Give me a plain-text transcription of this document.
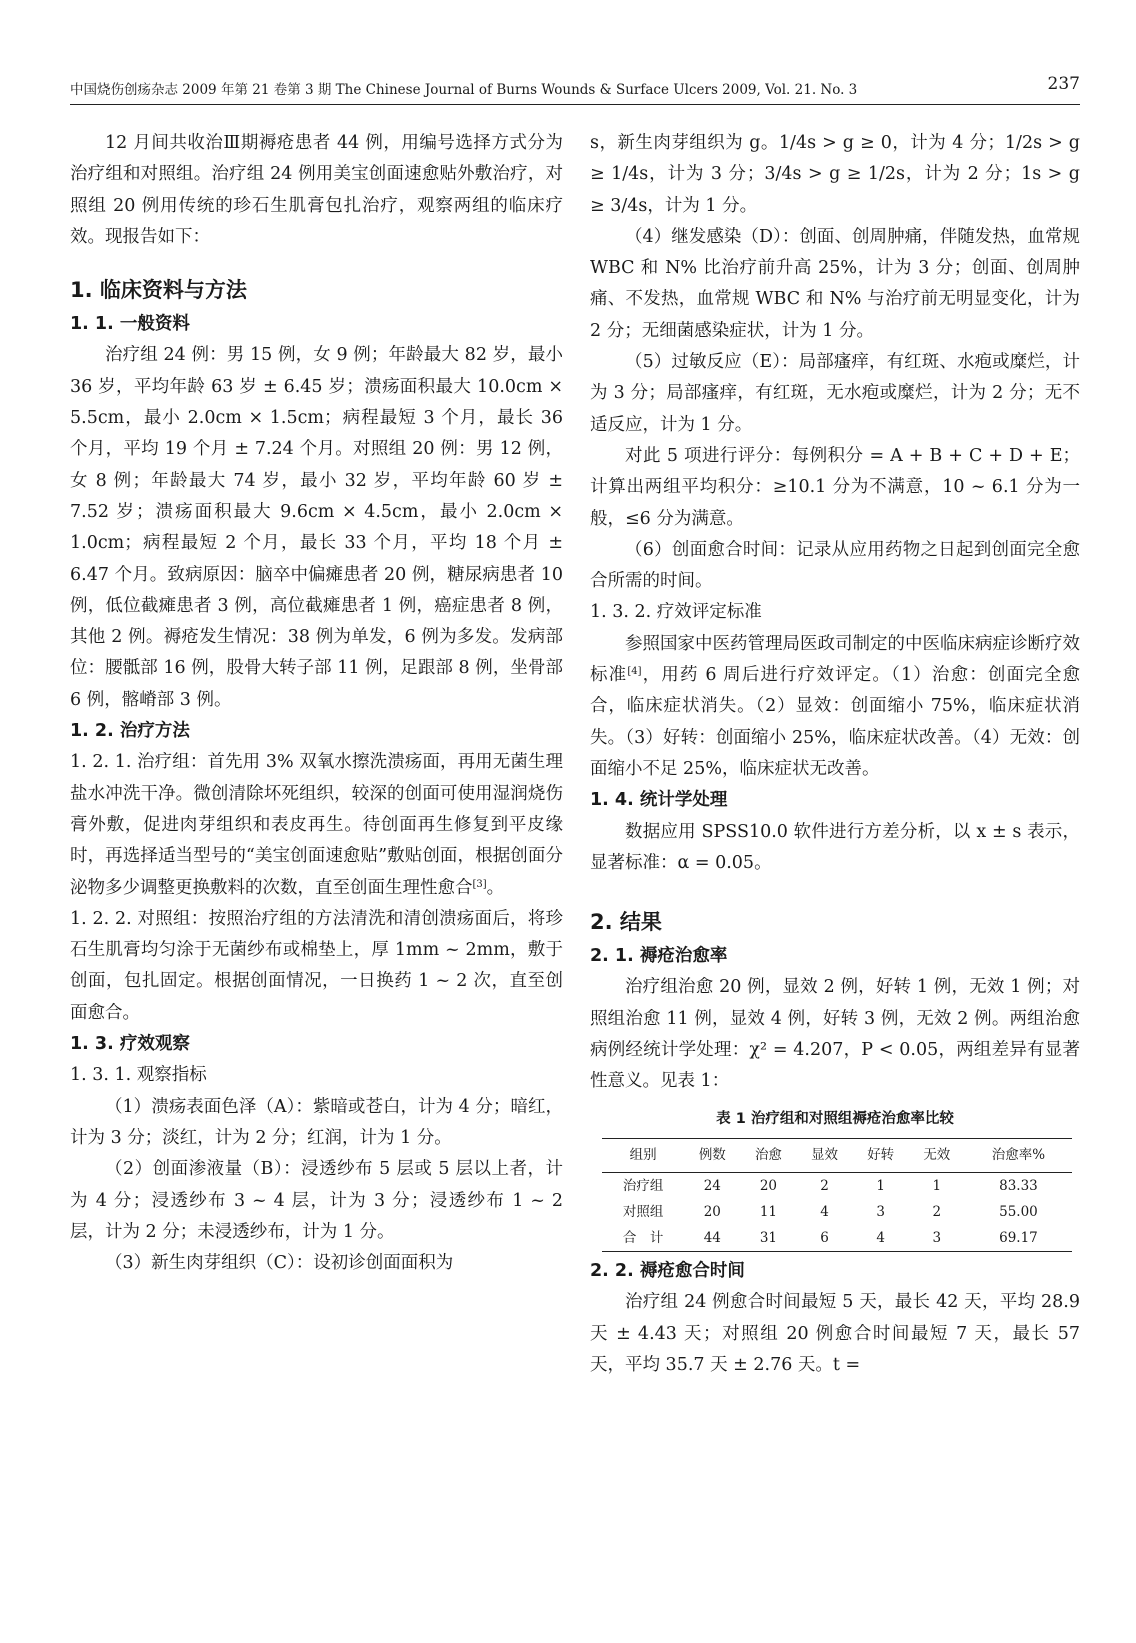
中国烧伤创疡杂志 2009 年第 21 卷第 3 期 The Chinese Journal of Burns Wounds & Surface Ulcers 2009, Vol. 21. No. 3	237

12 月间共收治Ⅲ期褥疮患者 44 例，用编号选择方式分为治疗组和对照组。治疗组 24 例用美宝创面速愈贴外敷治疗，对照组 20 例用传统的珍石生肌膏包扎治疗，观察两组的临床疗效。现报告如下：

1. 临床资料与方法
1. 1. 一般资料

治疗组 24 例：男 15 例，女 9 例；年龄最大 82 岁，最小 36 岁，平均年龄 63 岁 ± 6.45 岁；溃疡面积最大 10.0cm × 5.5cm，最小 2.0cm × 1.5cm；病程最短 3 个月，最长 36 个月，平均 19 个月 ± 7.24 个月。对照组 20 例：男 12 例，女 8 例；年龄最大 74 岁，最小 32 岁，平均年龄 60 岁 ± 7.52 岁；溃疡面积最大 9.6cm × 4.5cm，最小 2.0cm × 1.0cm；病程最短 2 个月，最长 33 个月，平均 18 个月 ± 6.47 个月。致病原因：脑卒中偏瘫患者 20 例，糖尿病患者 10 例，低位截瘫患者 3 例，高位截瘫患者 1 例，癌症患者 8 例，其他 2 例。褥疮发生情况：38 例为单发，6 例为多发。发病部位：腰骶部 16 例，股骨大转子部 11 例，足跟部 8 例，坐骨部 6 例，髂嵴部 3 例。

1. 2. 治疗方法

1. 2. 1. 治疗组：首先用 3% 双氧水擦洗溃疡面，再用无菌生理盐水冲洗干净。微创清除坏死组织，较深的创面可使用湿润烧伤膏外敷，促进肉芽组织和表皮再生。待创面再生修复到平皮缘时，再选择适当型号的“美宝创面速愈贴”敷贴创面，根据创面分泌物多少调整更换敷料的次数，直至创面生理性愈合[3]。

1. 2. 2. 对照组：按照治疗组的方法清洗和清创溃疡面后，将珍石生肌膏均匀涂于无菌纱布或棉垫上，厚 1mm ~ 2mm，敷于创面，包扎固定。根据创面情况，一日换药 1 ~ 2 次，直至创面愈合。

1. 3. 疗效观察
1. 3. 1. 观察指标

（1）溃疡表面色泽（A）：紫暗或苍白，计为 4 分；暗红，计为 3 分；淡红，计为 2 分；红润，计为 1 分。

（2）创面渗液量（B）：浸透纱布 5 层或 5 层以上者，计为 4 分；浸透纱布 3 ~ 4 层，计为 3 分；浸透纱布 1 ~ 2 层，计为 2 分；未浸透纱布，计为 1 分。

（3）新生肉芽组织（C）：设初诊创面面积为

s，新生肉芽组织为 g。1/4s > g ≥ 0，计为 4 分；1/2s > g ≥ 1/4s，计为 3 分；3/4s > g ≥ 1/2s，计为 2 分；1s > g ≥ 3/4s，计为 1 分。

（4）继发感染（D）：创面、创周肿痛，伴随发热，血常规 WBC 和 N% 比治疗前升高 25%，计为 3 分；创面、创周肿痛、不发热，血常规 WBC 和 N% 与治疗前无明显变化，计为 2 分；无细菌感染症状，计为 1 分。

（5）过敏反应（E）：局部瘙痒，有红斑、水疱或糜烂，计为 3 分；局部瘙痒，有红斑，无水疱或糜烂，计为 2 分；无不适反应，计为 1 分。

对此 5 项进行评分：每例积分 = A + B + C + D + E；计算出两组平均积分：≥10.1 分为不满意，10 ~ 6.1 分为一般，≤6 分为满意。

（6）创面愈合时间：记录从应用药物之日起到创面完全愈合所需的时间。

1. 3. 2. 疗效评定标准

参照国家中医药管理局医政司制定的中医临床病症诊断疗效标准[4]，用药 6 周后进行疗效评定。（1）治愈：创面完全愈合，临床症状消失。（2）显效：创面缩小 75%，临床症状消失。（3）好转：创面缩小 25%，临床症状改善。（4）无效：创面缩小不足 25%，临床症状无改善。

1. 4. 统计学处理

数据应用 SPSS10.0 软件进行方差分析，以 x ± s 表示，显著标准：α = 0.05。

2. 结果
2. 1. 褥疮治愈率

治疗组治愈 20 例，显效 2 例，好转 1 例，无效 1 例；对照组治愈 11 例，显效 4 例，好转 3 例，无效 2 例。两组治愈病例经统计学处理：χ² = 4.207，P < 0.05，两组差异有显著性意义。见表 1：

表 1 治疗组和对照组褥疮治愈率比较
组别	例数	治愈	显效	好转	无效	治愈率%
治疗组	24	20	2	1	1	83.33
对照组	20	11	4	3	2	55.00
合　计	44	31	6	4	3	69.17
2. 2. 褥疮愈合时间

治疗组 24 例愈合时间最短 5 天，最长 42 天，平均 28.9 天 ± 4.43 天；对照组 20 例愈合时间最短 7 天，最长 57 天，平均 35.7 天 ± 2.76 天。t =
